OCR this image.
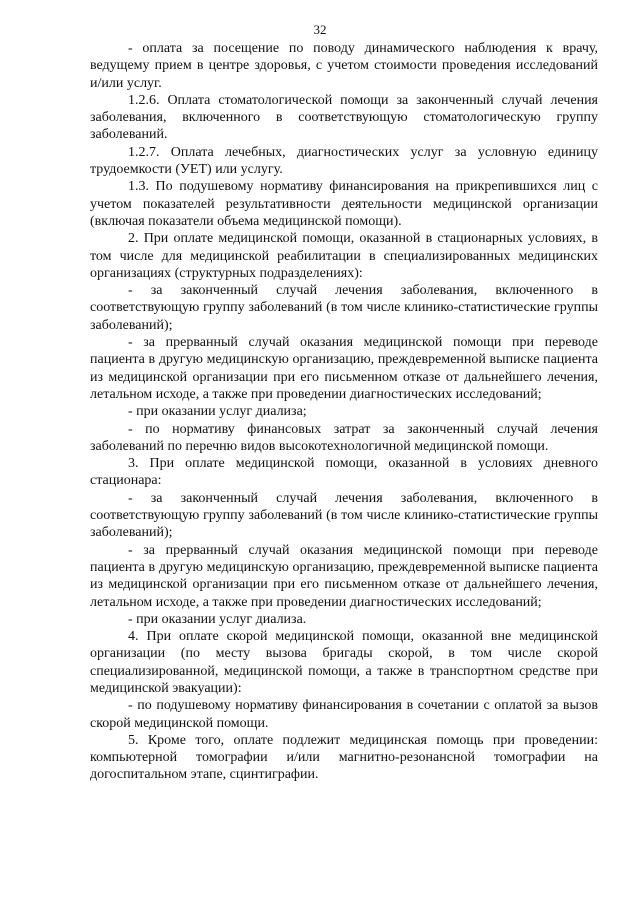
32

- оплата за посещение по поводу динамического наблюдения к врачу, ведущему прием в центре здоровья, с учетом стоимости проведения исследований и/или услуг.

1.2.6. Оплата стоматологической помощи за законченный случай лечения заболевания, включенного в соответствующую стоматологическую группу заболеваний.

1.2.7. Оплата лечебных, диагностических услуг за условную единицу трудоемкости (УЕТ) или услугу.

1.3. По подушевому нормативу финансирования на прикрепившихся лиц с учетом показателей результативности деятельности медицинской организации (включая показатели объема медицинской помощи).

2. При оплате медицинской помощи, оказанной в стационарных условиях, в том числе для медицинской реабилитации в специализированных медицинских организациях (структурных подразделениях):

- за законченный случай лечения заболевания, включенного в соответствующую группу заболеваний (в том числе клинико-статистические группы заболеваний);

- за прерванный случай оказания медицинской помощи при переводе пациента в другую медицинскую организацию, преждевременной выписке пациента из медицинской организации при его письменном отказе от дальнейшего лечения, летальном исходе, а также при проведении диагностических исследований;

- при оказании услуг диализа;

- по нормативу финансовых затрат за законченный случай лечения заболеваний по перечню видов высокотехнологичной медицинской помощи.

3. При оплате медицинской помощи, оказанной в условиях дневного стационара:

- за законченный случай лечения заболевания, включенного в соответствующую группу заболеваний (в том числе клинико-статистические группы заболеваний);

- за прерванный случай оказания медицинской помощи при переводе пациента в другую медицинскую организацию, преждевременной выписке пациента из медицинской организации при его письменном отказе от дальнейшего лечения, летальном исходе, а также при проведении диагностических исследований;

- при оказании услуг диализа.

4. При оплате скорой медицинской помощи, оказанной вне медицинской организации (по месту вызова бригады скорой, в том числе скорой специализированной, медицинской помощи, а также в транспортном средстве при медицинской эвакуации):

- по подушевому нормативу финансирования в сочетании с оплатой за вызов скорой медицинской помощи.

5. Кроме того, оплате подлежит медицинская помощь при проведении: компьютерной томографии и/или магнитно-резонансной томографии на догоспитальном этапе, сцинтиграфии.
